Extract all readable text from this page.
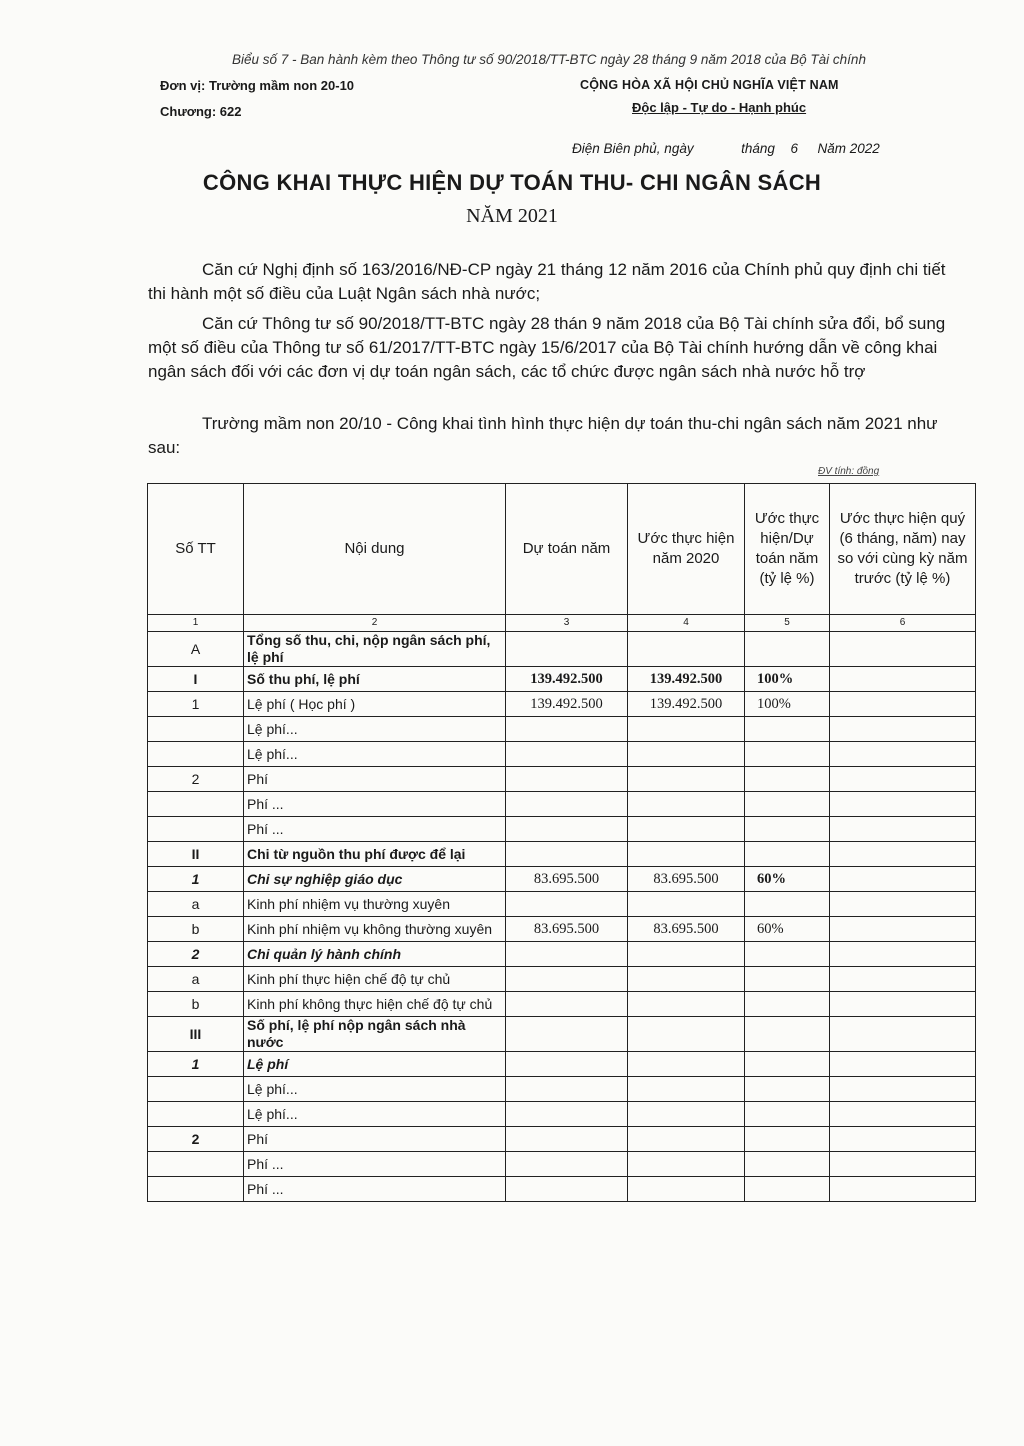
Biểu số 7 - Ban hành kèm theo Thông tư số 90/2018/TT-BTC ngày 28 tháng 9 năm 2018 của Bộ Tài chính
Đơn vị: Trường mầm non 20-10
Chương: 622
CỘNG HÒA XÃ HỘI CHỦ NGHĨA VIỆT NAM
Độc lập - Tự do - Hạnh phúc
Điện Biên phủ, ngày	tháng 6 Năm 2022
CÔNG KHAI THỰC HIỆN DỰ TOÁN THU- CHI NGÂN SÁCH
NĂM 2021
Căn cứ Nghị định số 163/2016/NĐ-CP ngày 21 tháng 12 năm 2016 của Chính phủ quy định chi tiết thi hành một số điều của Luật Ngân sách nhà nước;
Căn cứ Thông tư số 90/2018/TT-BTC ngày 28 thán 9 năm 2018 của Bộ Tài chính sửa đổi, bổ sung một số điều của Thông tư số 61/2017/TT-BTC ngày 15/6/2017 của Bộ Tài chính hướng dẫn về công khai ngân sách đối với các đơn vị dự toán ngân sách, các tổ chức được ngân sách nhà nước hỗ trợ
Trường mầm non 20/10 - Công khai tình hình thực hiện dự toán thu-chi ngân sách năm 2021 như sau:
ĐV tính: đồng
Số TT	Nội dung	Dự toán năm	Ước thực hiện năm 2020	Ước thực hiện/Dự toán năm (tỷ lệ %)	Ước thực hiện quý (6 tháng, năm) nay so với cùng kỳ năm trước (tỷ lệ %)
1	2	3	4	5	6
A	Tổng số thu, chi, nộp ngân sách phí, lệ phí				
I	Số thu phí, lệ phí	139.492.500	139.492.500	100%	
1	Lệ phí ( Học phí )	139.492.500	139.492.500	100%	
	Lệ phí...				
	Lệ phí...				
2	Phí				
	Phí ...				
	Phí ...				
II	Chi từ nguồn thu phí được để lại				
1	Chi sự nghiệp giáo dục	83.695.500	83.695.500	60%	
a	Kinh phí nhiệm vụ thường xuyên				
b	Kinh phí nhiệm vụ không thường xuyên	83.695.500	83.695.500	60%	
2	Chi quản lý hành chính				
a	Kinh phí thực hiện chế độ tự chủ				
b	Kinh phí không thực hiện chế độ tự chủ				
III	Số phí, lệ phí nộp ngân sách nhà nước				
1	Lệ phí				
	Lệ phí...				
	Lệ phí...				
2	Phí				
	Phí ...				
	Phí ...				
